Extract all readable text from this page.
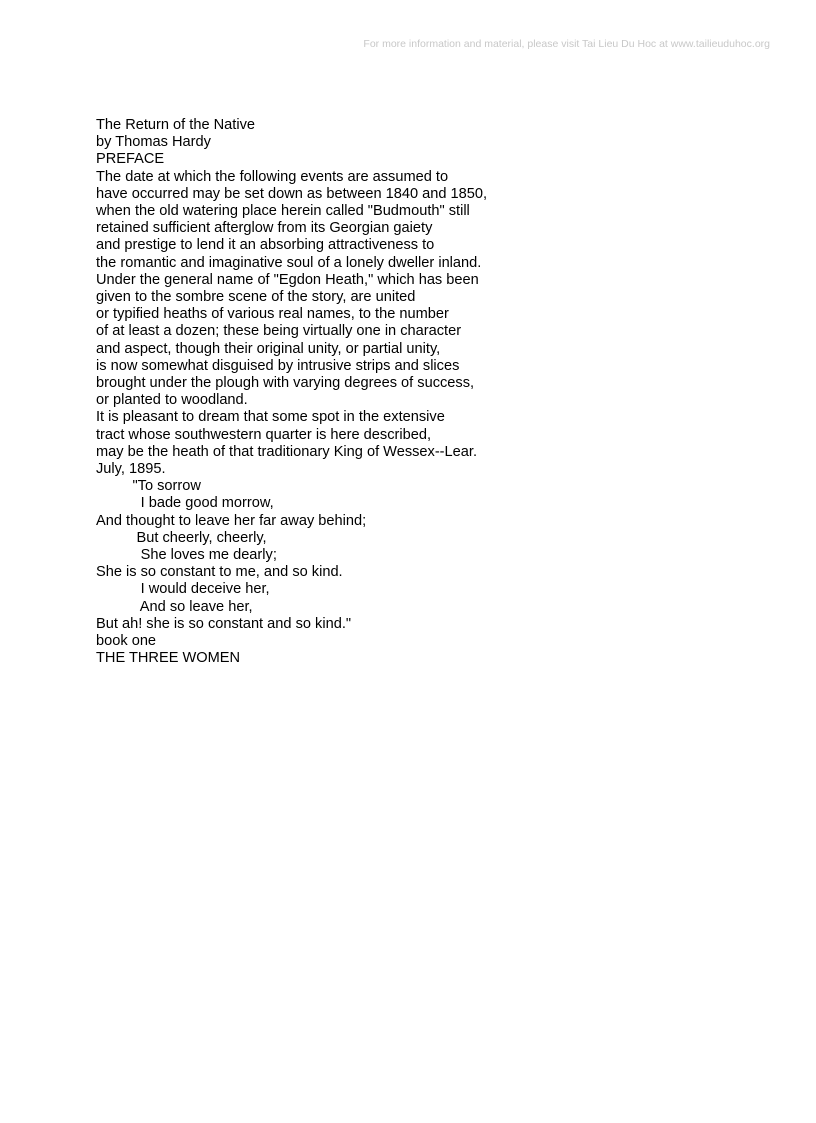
For more information and material, please visit Tai Lieu Du Hoc at www.tailieuduhoc.org
The Return of the Native
by Thomas Hardy
PREFACE
The date at which the following events are assumed to
have occurred may be set down as between 1840 and 1850,
when the old watering place herein called "Budmouth" still
retained sufficient afterglow from its Georgian gaiety
and prestige to lend it an absorbing attractiveness to
the romantic and imaginative soul of a lonely dweller inland.
Under the general name of "Egdon Heath," which has been
given to the sombre scene of the story, are united
or typified heaths of various real names, to the number
of at least a dozen; these being virtually one in character
and aspect, though their original unity, or partial unity,
is now somewhat disguised by intrusive strips and slices
brought under the plough with varying degrees of success,
or planted to woodland.
It is pleasant to dream that some spot in the extensive
tract whose southwestern quarter is here described,
may be the heath of that traditionary King of Wessex--Lear.
July, 1895.
"To sorrow
I bade good morrow,
And thought to leave her far away behind;
But cheerly, cheerly,
She loves me dearly;
She is so constant to me, and so kind.
I would deceive her,
And so leave her,
But ah! she is so constant and so kind."
book one
THE THREE WOMEN
